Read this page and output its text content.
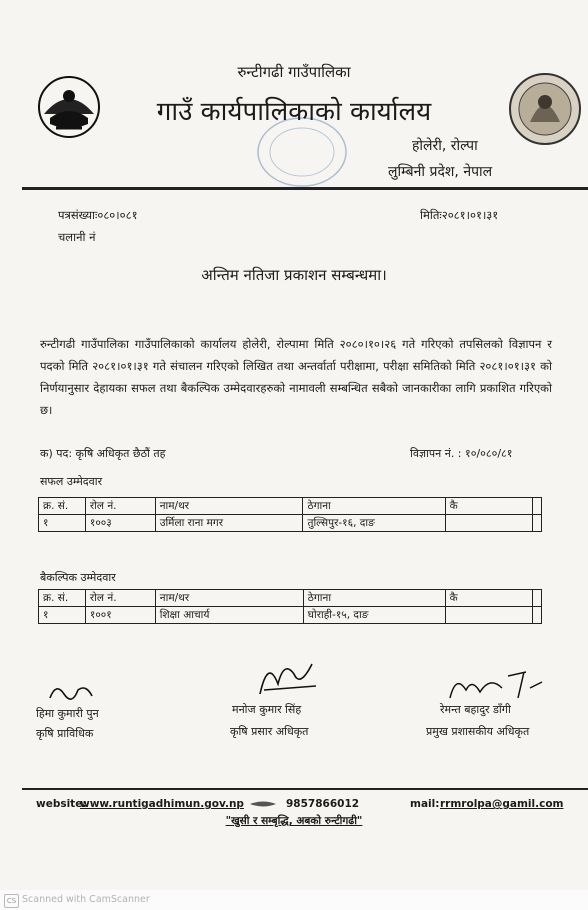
रुन्टीगढी गाउँपालिका
गाउँ कार्यपालिकाको कार्यालय
होलेरी, रोल्पा
लुम्बिनी प्रदेश, नेपाल
पत्रसंख्याः०८०।०८१
चलानी नं
मितिः२०८१।०१।३१
अन्तिम नतिजा प्रकाशन सम्बन्धमा।
रुन्टीगढी गाउँपालिका गाउँपालिकाको कार्यालय होलेरी, रोल्पामा मिति २०८०।१०।२६ गते गरिएको तपसिलको विज्ञापन र पदको मिति २०८१।०१।३१ गते संचालन गरिएको लिखित तथा अन्तर्वार्ता परीक्षामा, परीक्षा समितिको मिति २०८१।०१।३१ को निर्णयानुसार देहायका सफल तथा बैकल्पिक उम्मेदवारहरुको नामावली सम्बन्धित सबैको जानकारीका लागि प्रकाशित गरिएको छ।
क) पद: कृषि अधिकृत छैठौं तह	विज्ञापन नं. : १०/०८०/८१
सफल उम्मेदवार
क्र. सं.	रोल नं.	नाम/थर	ठेगाना	कै	
१	१००३	उर्मिला राना मगर	तुल्सिपुर-१६, दाङ		
बैकल्पिक उम्मेदवार
क्र. सं.	रोल नं.	नाम/थर	ठेगाना	कै	
१	१००१	शिक्षा आचार्य	घोराही-१५, दाङ		
हिमा कुमारी पुन
कृषि प्राविधिक
मनोज कुमार सिंह
कृषि प्रसार अधिकृत
रेमन्त बहादुर डाँगी
प्रमुख प्रशासकीय अधिकृत
website:
www.runtigadhimun.gov.np	9857866012	mail: rrmrolpa@gamil.com
"खुसी र सम्बृद्धि, अबको रुन्टीगढी"
CS Scanned with CamScanner
